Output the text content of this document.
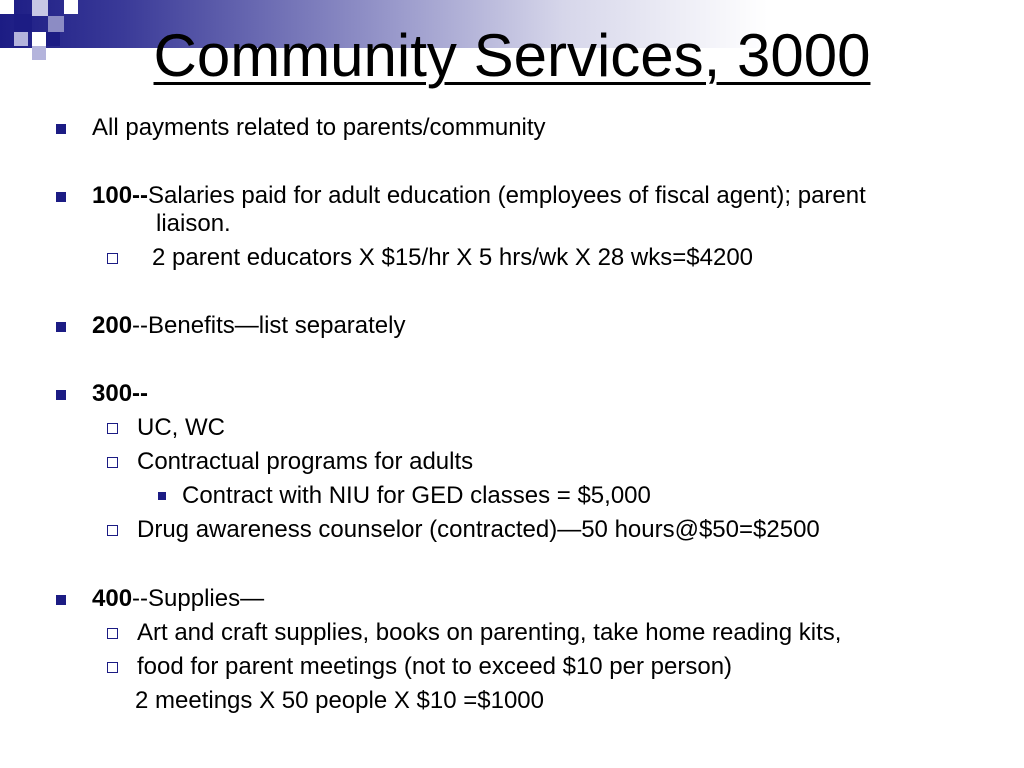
Community Services, 3000
All payments related to parents/community
100--Salaries paid for adult education (employees of fiscal agent); parent
liaison.
2 parent educators X $15/hr X 5 hrs/wk X 28 wks=$4200
200--Benefits—list separately
300--
UC, WC
Contractual programs for adults
Contract with NIU for GED classes = $5,000
Drug awareness counselor (contracted)—50 hours@$50=$2500
400--Supplies—
Art and craft supplies, books on parenting, take home reading kits,
food for parent meetings (not to exceed $10 per person)
2 meetings X 50 people X $10 =$1000
